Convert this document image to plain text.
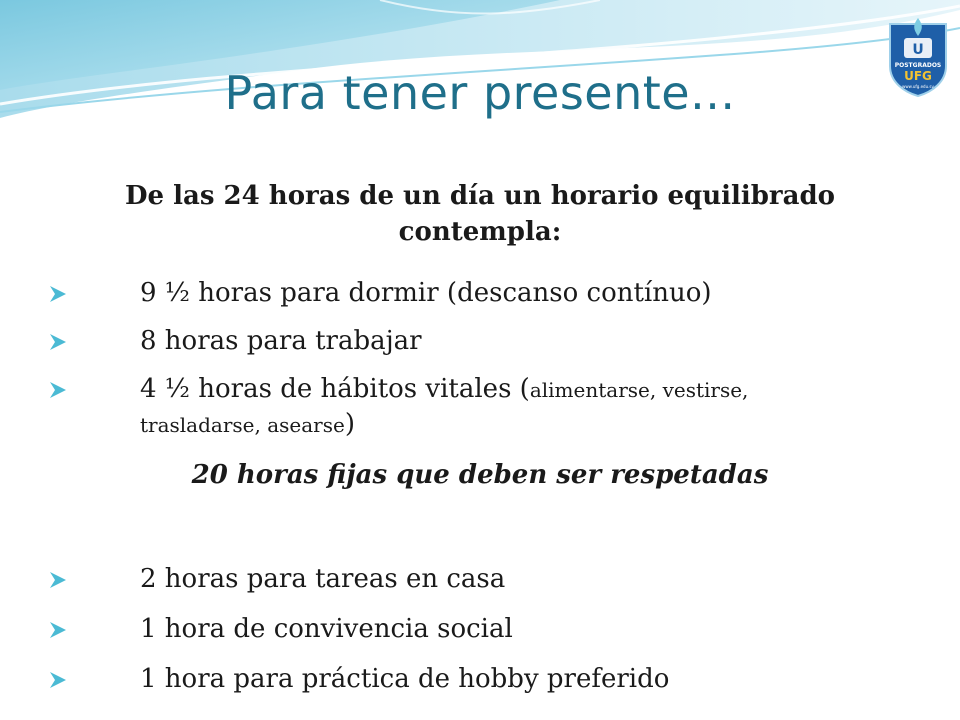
U
POSTGRADOS
UFG
www.ufg.edu.sv
Para tener presente...

De las 24 horas de un día un horario equilibrado contempla:

9 ½ horas para dormir (descanso contínuo)
8 horas para trabajar
4 ½ horas de hábitos vitales (alimentarse, vestirse, trasladarse, asearse)
20 horas fijas que deben ser respetadas
2 horas para tareas en casa
1 hora de convivencia social
1 hora para práctica de hobby preferido
